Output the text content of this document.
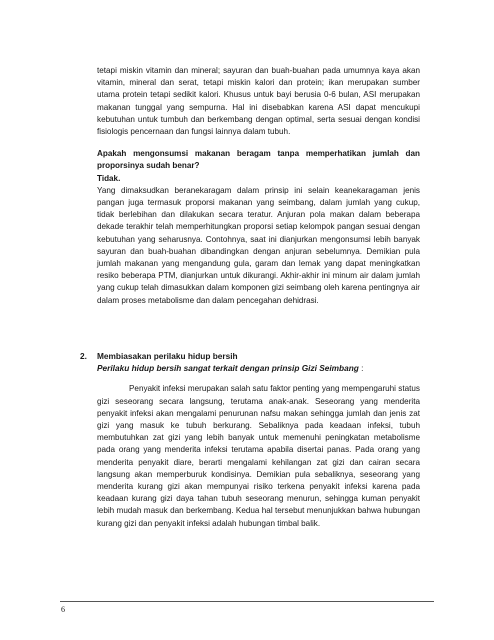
tetapi miskin vitamin dan mineral; sayuran dan buah-buahan pada umumnya kaya akan vitamin, mineral dan serat, tetapi miskin kalori dan protein; ikan merupakan sumber utama protein tetapi sedikit kalori. Khusus untuk bayi berusia 0-6 bulan, ASI merupakan makanan tunggal yang sempurna. Hal ini disebabkan karena ASI dapat mencukupi kebutuhan untuk tumbuh dan berkembang dengan optimal, serta sesuai dengan kondisi fisiologis pencernaan dan fungsi lainnya dalam tubuh.

Apakah mengonsumsi makanan beragam tanpa memperhatikan jumlah dan proporsinya sudah benar?

Tidak.

Yang dimaksudkan beranekaragam dalam prinsip ini selain keanekaragaman jenis pangan juga termasuk proporsi makanan yang seimbang, dalam jumlah yang cukup, tidak berlebihan dan dilakukan secara teratur. Anjuran pola makan dalam beberapa dekade terakhir telah memperhitungkan proporsi setiap kelompok pangan sesuai dengan kebutuhan yang seharusnya. Contohnya, saat ini dianjurkan mengonsumsi lebih banyak sayuran dan buah-buahan dibandingkan dengan anjuran sebelumnya. Demikian pula jumlah makanan yang mengandung gula, garam dan lemak yang dapat meningkatkan resiko beberapa PTM, dianjurkan untuk dikurangi. Akhir-akhir ini minum air dalam jumlah yang cukup telah dimasukkan dalam komponen gizi seimbang oleh karena pentingnya air dalam proses metabolisme dan dalam pencegahan dehidrasi.

2.	Membiasakan perilaku hidup bersih
Perilaku hidup bersih sangat terkait dengan prinsip Gizi Seimbang :

Penyakit infeksi merupakan salah satu faktor penting yang mempengaruhi status gizi seseorang secara langsung, terutama anak-anak. Seseorang yang menderita penyakit infeksi akan mengalami penurunan nafsu makan sehingga jumlah dan jenis zat gizi yang masuk ke tubuh berkurang. Sebaliknya pada keadaan infeksi, tubuh membutuhkan zat gizi yang lebih banyak untuk memenuhi peningkatan metabolisme pada orang yang menderita infeksi terutama apabila disertai panas. Pada orang yang menderita penyakit diare, berarti mengalami kehilangan zat gizi dan cairan secara langsung akan memperburuk kondisinya. Demikian pula sebaliknya, seseorang yang menderita kurang gizi akan mempunyai risiko terkena penyakit infeksi karena pada keadaan kurang gizi daya tahan tubuh seseorang menurun, sehingga kuman penyakit lebih mudah masuk dan berkembang. Kedua hal tersebut menunjukkan bahwa hubungan kurang gizi dan penyakit infeksi adalah hubungan timbal balik.

6
